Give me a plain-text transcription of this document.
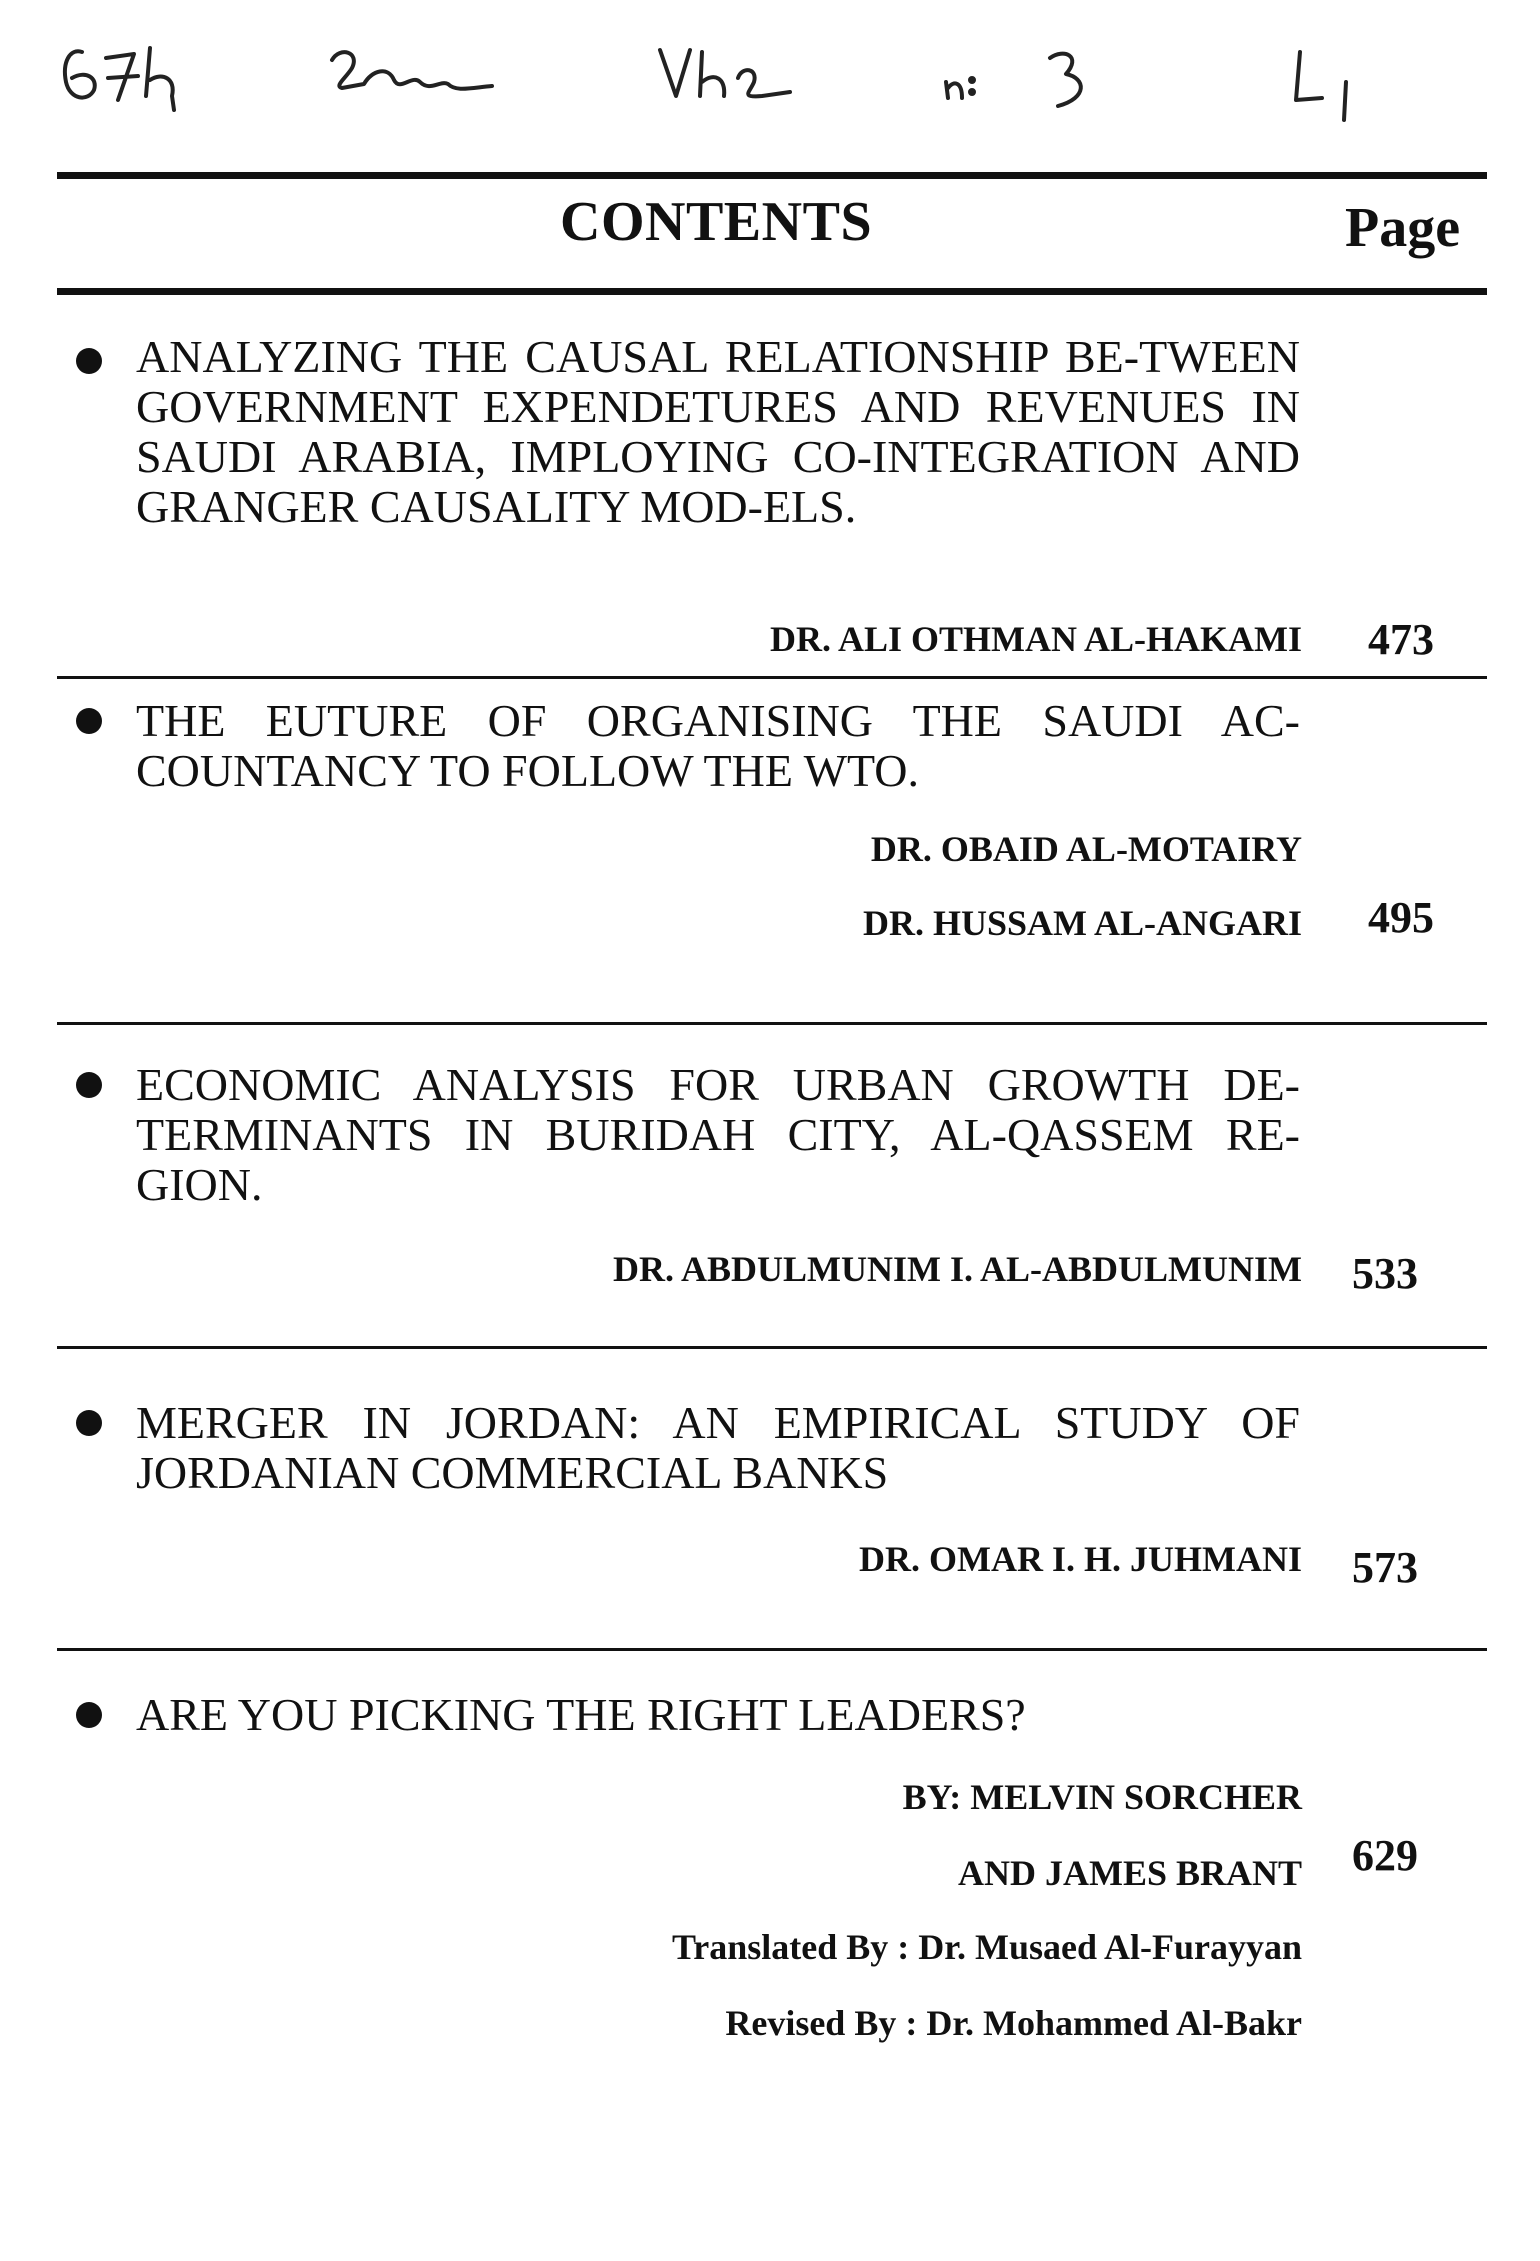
CONTENTS	Page
ANALYZING THE CAUSAL RELATIONSHIP BE-TWEEN GOVERNMENT EXPENDETURES AND REVENUES IN SAUDI ARABIA, IMPLOYING CO-INTEGRATION AND GRANGER CAUSALITY MOD-ELS.
DR. ALI OTHMAN AL-HAKAMI 473
THE EUTURE OF ORGANISING THE SAUDI AC-COUNTANCY TO FOLLOW THE WTO.
DR. OBAID AL-MOTAIRY
DR. HUSSAM AL-ANGARI 495
ECONOMIC ANALYSIS FOR URBAN GROWTH DE-TERMINANTS IN BURIDAH CITY, AL-QASSEM RE-GION.
DR. ABDULMUNIM I. AL-ABDULMUNIM 533
MERGER IN JORDAN: AN EMPIRICAL STUDY OF JORDANIAN COMMERCIAL BANKS
DR. OMAR I. H. JUHMANI 573
ARE YOU PICKING THE RIGHT LEADERS?
BY: MELVIN SORCHER
AND JAMES BRANT 629
Translated By : Dr. Musaed Al-Furayyan
Revised By : Dr. Mohammed Al-Bakr
